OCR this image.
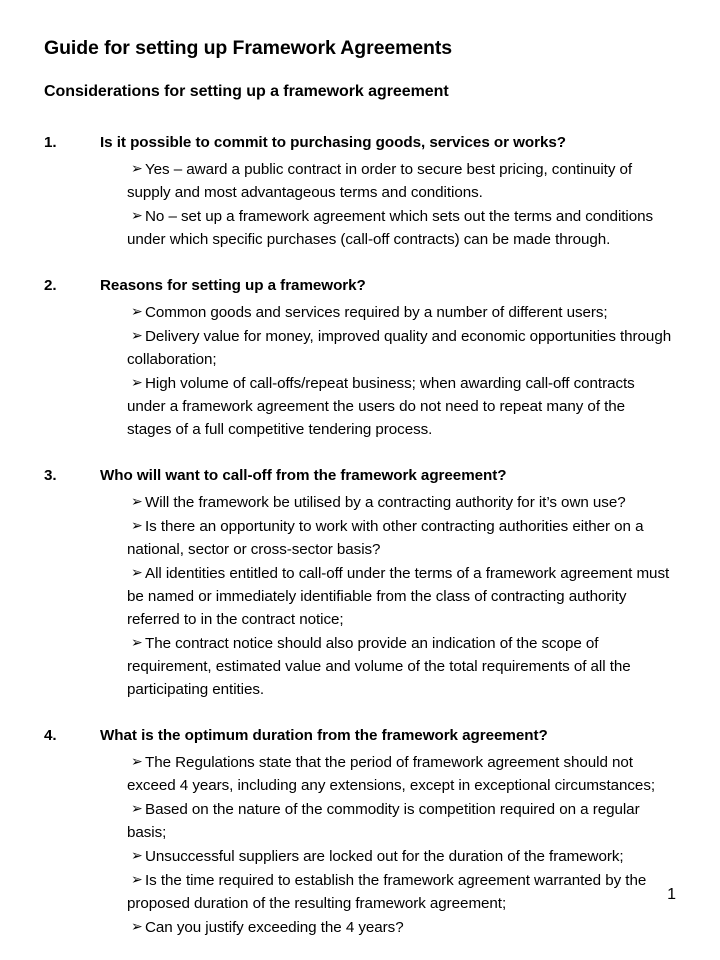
Guide for setting up Framework Agreements
Considerations for setting up a framework agreement
1.	Is it possible to commit to purchasing goods, services or works?
➢ Yes – award a public contract in order to secure best pricing, continuity of supply and most advantageous terms and conditions.
➢ No – set up a framework agreement which sets out the terms and conditions under which specific purchases (call-off contracts) can be made through.
2.	Reasons for setting up a framework?
➢ Common goods and services required by a number of different users;
➢ Delivery value for money, improved quality and economic opportunities through collaboration;
➢ High volume of call-offs/repeat business; when awarding call-off contracts under a framework agreement the users do not need to repeat many of the stages of a full competitive tendering process.
3.	Who will want to call-off from the framework agreement?
➢ Will the framework be utilised by a contracting authority for it’s own use?
➢ Is there an opportunity to work with other contracting authorities either on a national, sector or cross-sector basis?
➢ All identities entitled to call-off under the terms of a framework agreement must be named or immediately identifiable from the class of contracting authority referred to in the contract notice;
➢ The contract notice should also provide an indication of the scope of requirement, estimated value and volume of the total requirements of all the participating entities.
4.	What is the optimum duration from the framework agreement?
➢ The Regulations state that the period of framework agreement should not exceed 4 years, including any extensions, except in exceptional circumstances;
➢ Based on the nature of the commodity is competition required on a regular basis;
➢ Unsuccessful suppliers are locked out for the duration of the framework;
➢ Is the time required to establish the framework agreement warranted by the proposed duration of the resulting framework agreement;
➢ Can you justify exceeding the 4 years?
1
